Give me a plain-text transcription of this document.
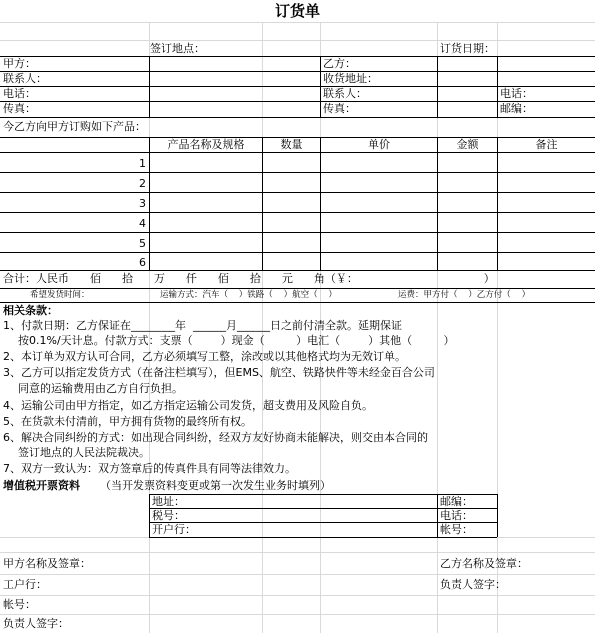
订货单
签订地点：	订货日期：
甲方：	乙方：
联系人：	收货地址：
电话：	联系人：	电话：
传真：	传真：	邮编：
今乙方向甲方订购如下产品：
产品名称及规格	数量	单价	金额	备注
1
2
3
4
5
6
合计：人民币      佰      拾      万      仟      佰      拾      元      角（￥：                                    ）
希望发货时间：	运输方式：汽车（    ）铁路（    ）航空（    ）	运费：甲方付（    ）乙方付（    ）
相关条款：
1、付款日期：乙方保证在________年  ______月______日之前付清全款。延期保证
按0.1%/天计息。付款方式：支票（        ）现金（         ）电汇（        ）其他（         ）
2、本订单为双方认可合同，乙方必须填写工整，涂改或以其他格式均为无效订单。
3、乙方可以指定发货方式（在备注栏填写），但EMS、航空、铁路快件等未经金百合公司
同意的运输费用由乙方自行负担。
4、运输公司由甲方指定，如乙方指定运输公司发货，超支费用及风险自负。
5、在货款未付清前，甲方拥有货物的最终所有权。
6、解决合同纠纷的方式：如出现合同纠纷，经双方友好协商未能解决，则交由本合同的
签订地点的人民法院裁决。
7、双方一致认为：双方签章后的传真件具有同等法律效力。
增值税开票资料 （当开发票资料变更或第一次发生业务时填列）
地址：	邮编：
税号：	电话：
开户行：	帐号：
甲方名称及签章：	乙方名称及签章：
工户行：	负责人签字：
帐号：
负责人签字：
